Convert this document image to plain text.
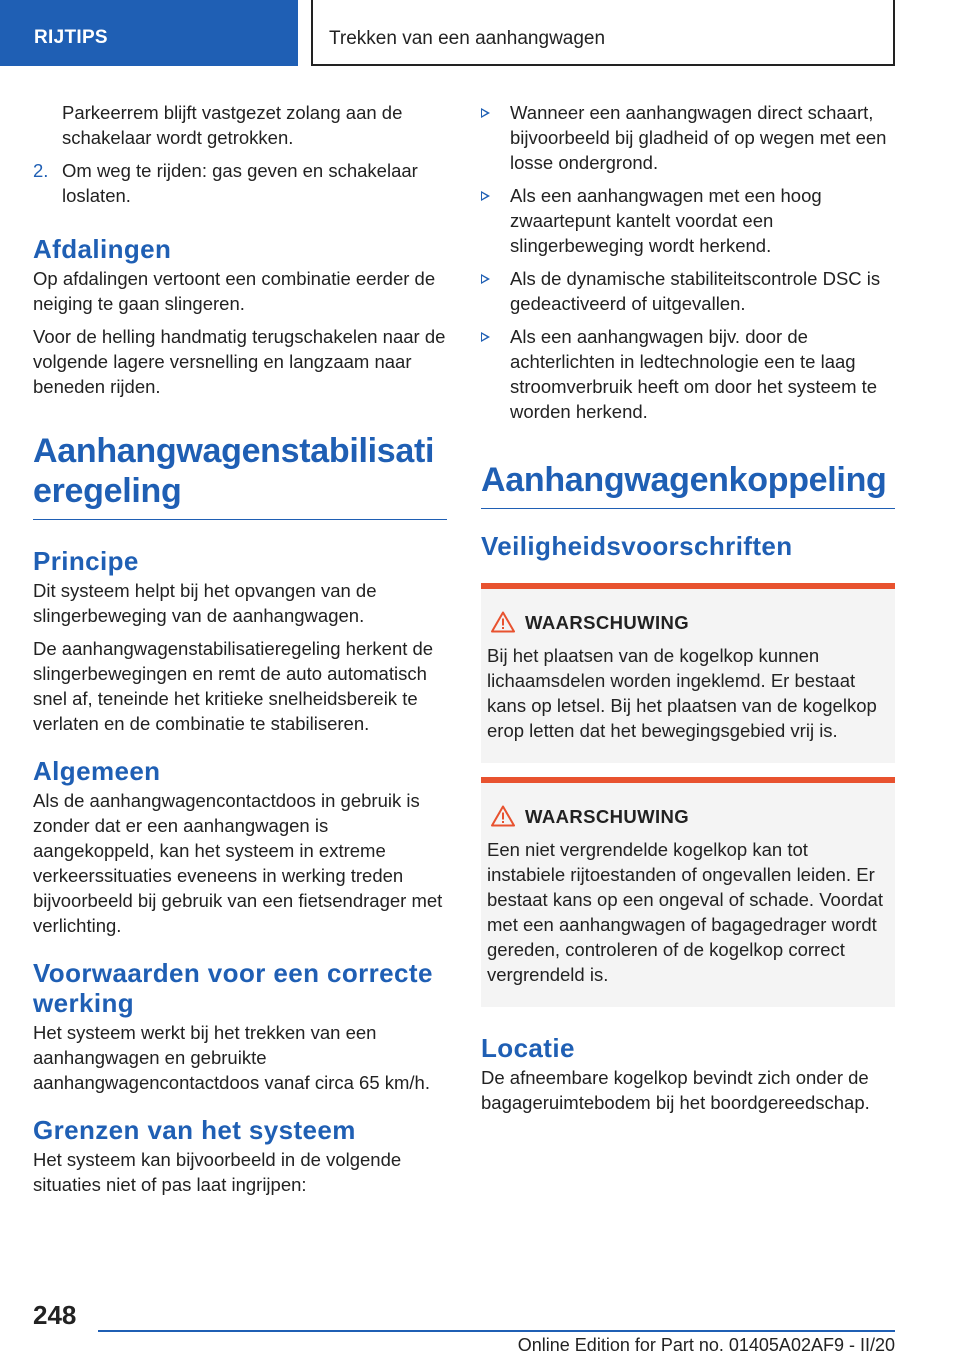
RIJTIPS	Trekken van een aanhangwagen

Parkeerrem blijft vastgezet zolang aan de schakelaar wordt getrokken.

2. Om weg te rijden: gas geven en schakelaar loslaten.
Afdalingen

Op afdalingen vertoont een combinatie eerder de neiging te gaan slingeren.

Voor de helling handmatig terugschakelen naar de volgende lagere versnelling en langzaam naar beneden rijden.

Aanhangwagenstabilisatieregeling
Principe

Dit systeem helpt bij het opvangen van de slingerbeweging van de aanhangwagen.

De aanhangwagenstabilisatieregeling herkent de slingerbewegingen en remt de auto automatisch snel af, teneinde het kritieke snelheidsbereik te verlaten en de combinatie te stabiliseren.

Algemeen

Als de aanhangwagencontactdoos in gebruik is zonder dat er een aanhangwagen is aangekoppeld, kan het systeem in extreme verkeerssituaties eveneens in werking treden bijvoorbeeld bij gebruik van een fietsendrager met verlichting.

Voorwaarden voor een correcte werking

Het systeem werkt bij het trekken van een aanhangwagen en gebruikte aanhangwagencontactdoos vanaf circa 65 km/h.

Grenzen van het systeem

Het systeem kan bijvoorbeeld in de volgende situaties niet of pas laat ingrijpen:

Wanneer een aanhangwagen direct schaart, bijvoorbeeld bij gladheid of op wegen met een losse ondergrond.
Als een aanhangwagen met een hoog zwaartepunt kantelt voordat een slingerbeweging wordt herkend.
Als de dynamische stabiliteitscontrole DSC is gedeactiveerd of uitgevallen.
Als een aanhangwagen bijv. door de achterlichten in ledtechnologie een te laag stroomverbruik heeft om door het systeem te worden herkend.
Aanhangwagenkoppeling
Veiligheidsvoorschriften
WAARSCHUWING

Bij het plaatsen van de kogelkop kunnen lichaamsdelen worden ingeklemd. Er bestaat kans op letsel. Bij het plaatsen van de kogelkop erop letten dat het bewegingsgebied vrij is.

WAARSCHUWING

Een niet vergrendelde kogelkop kan tot instabiele rijtoestanden of ongevallen leiden. Er bestaat kans op een ongeval of schade. Voordat met een aanhangwagen of bagagedrager wordt gereden, controleren of de kogelkop correct vergrendeld is.

Locatie

De afneembare kogelkop bevindt zich onder de bagageruimtebodem bij het boordgereedschap.

248
Online Edition for Part no. 01405A02AF9 - II/20
